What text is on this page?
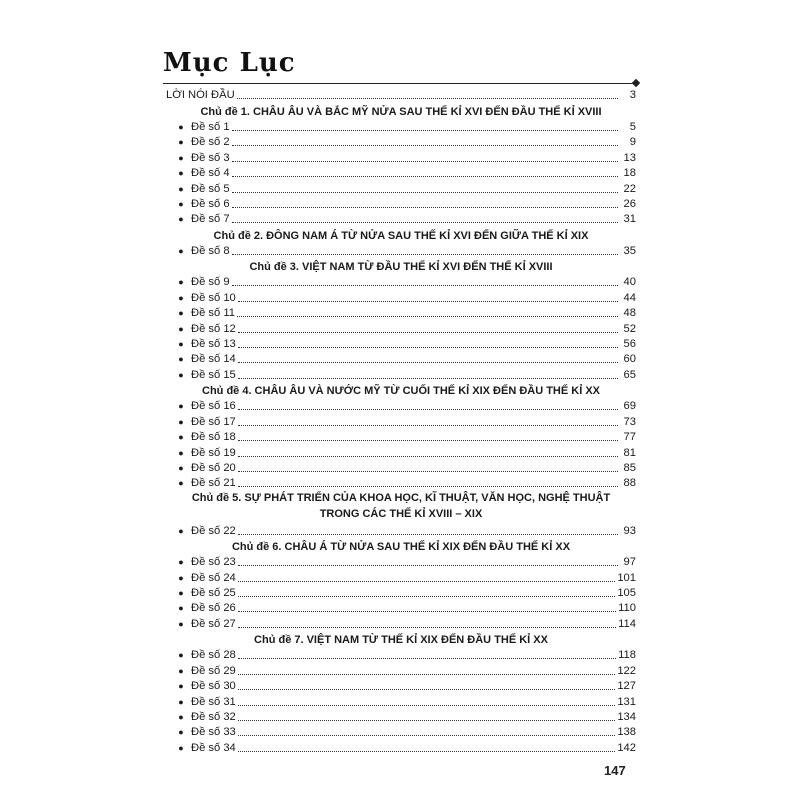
Mục Lục
LỜI NÓI ĐẦU	3
Chủ đề 1. CHÂU ÂU VÀ BẮC MỸ NỬA SAU THẾ KỈ XVI ĐẾN ĐẦU THẾ KỈ XVIII
● Đề số 1	5
● Đề số 2	9
● Đề số 3	13
● Đề số 4	18
● Đề số 5	22
● Đề số 6	26
● Đề số 7	31
Chủ đề 2. ĐÔNG NAM Á TỪ NỬA SAU THẾ KỈ XVI ĐẾN GIỮA THẾ KỈ XIX
● Đề số 8	35
Chủ đề 3. VIỆT NAM TỪ ĐẦU THẾ KỈ XVI ĐẾN THẾ KỈ XVIII
● Đề số 9	40
● Đề số 10	44
● Đề số 11	48
● Đề số 12	52
● Đề số 13	56
● Đề số 14	60
● Đề số 15	65
Chủ đề 4. CHÂU ÂU VÀ NƯỚC MỸ TỪ CUỐI THẾ KỈ XIX ĐẾN ĐẦU THẾ KỈ XX
● Đề số 16	69
● Đề số 17	73
● Đề số 18	77
● Đề số 19	81
● Đề số 20	85
● Đề số 21	88
Chủ đề 5. SỰ PHÁT TRIỂN CỦA KHOA HỌC, KĨ THUẬT, VĂN HỌC, NGHỆ THUẬT
TRONG CÁC THẾ KỈ XVIII – XIX
● Đề số 22	93
Chủ đề 6. CHÂU Á TỪ NỬA SAU THẾ KỈ XIX ĐẾN ĐẦU THẾ KỈ XX
● Đề số 23	97
● Đề số 24	101
● Đề số 25	105
● Đề số 26	110
● Đề số 27	114
Chủ đề 7. VIỆT NAM TỪ THẾ KỈ XIX ĐẾN ĐẦU THẾ KỈ XX
● Đề số 28	118
● Đề số 29	122
● Đề số 30	127
● Đề số 31	131
● Đề số 32	134
● Đề số 33	138
● Đề số 34	142
147
